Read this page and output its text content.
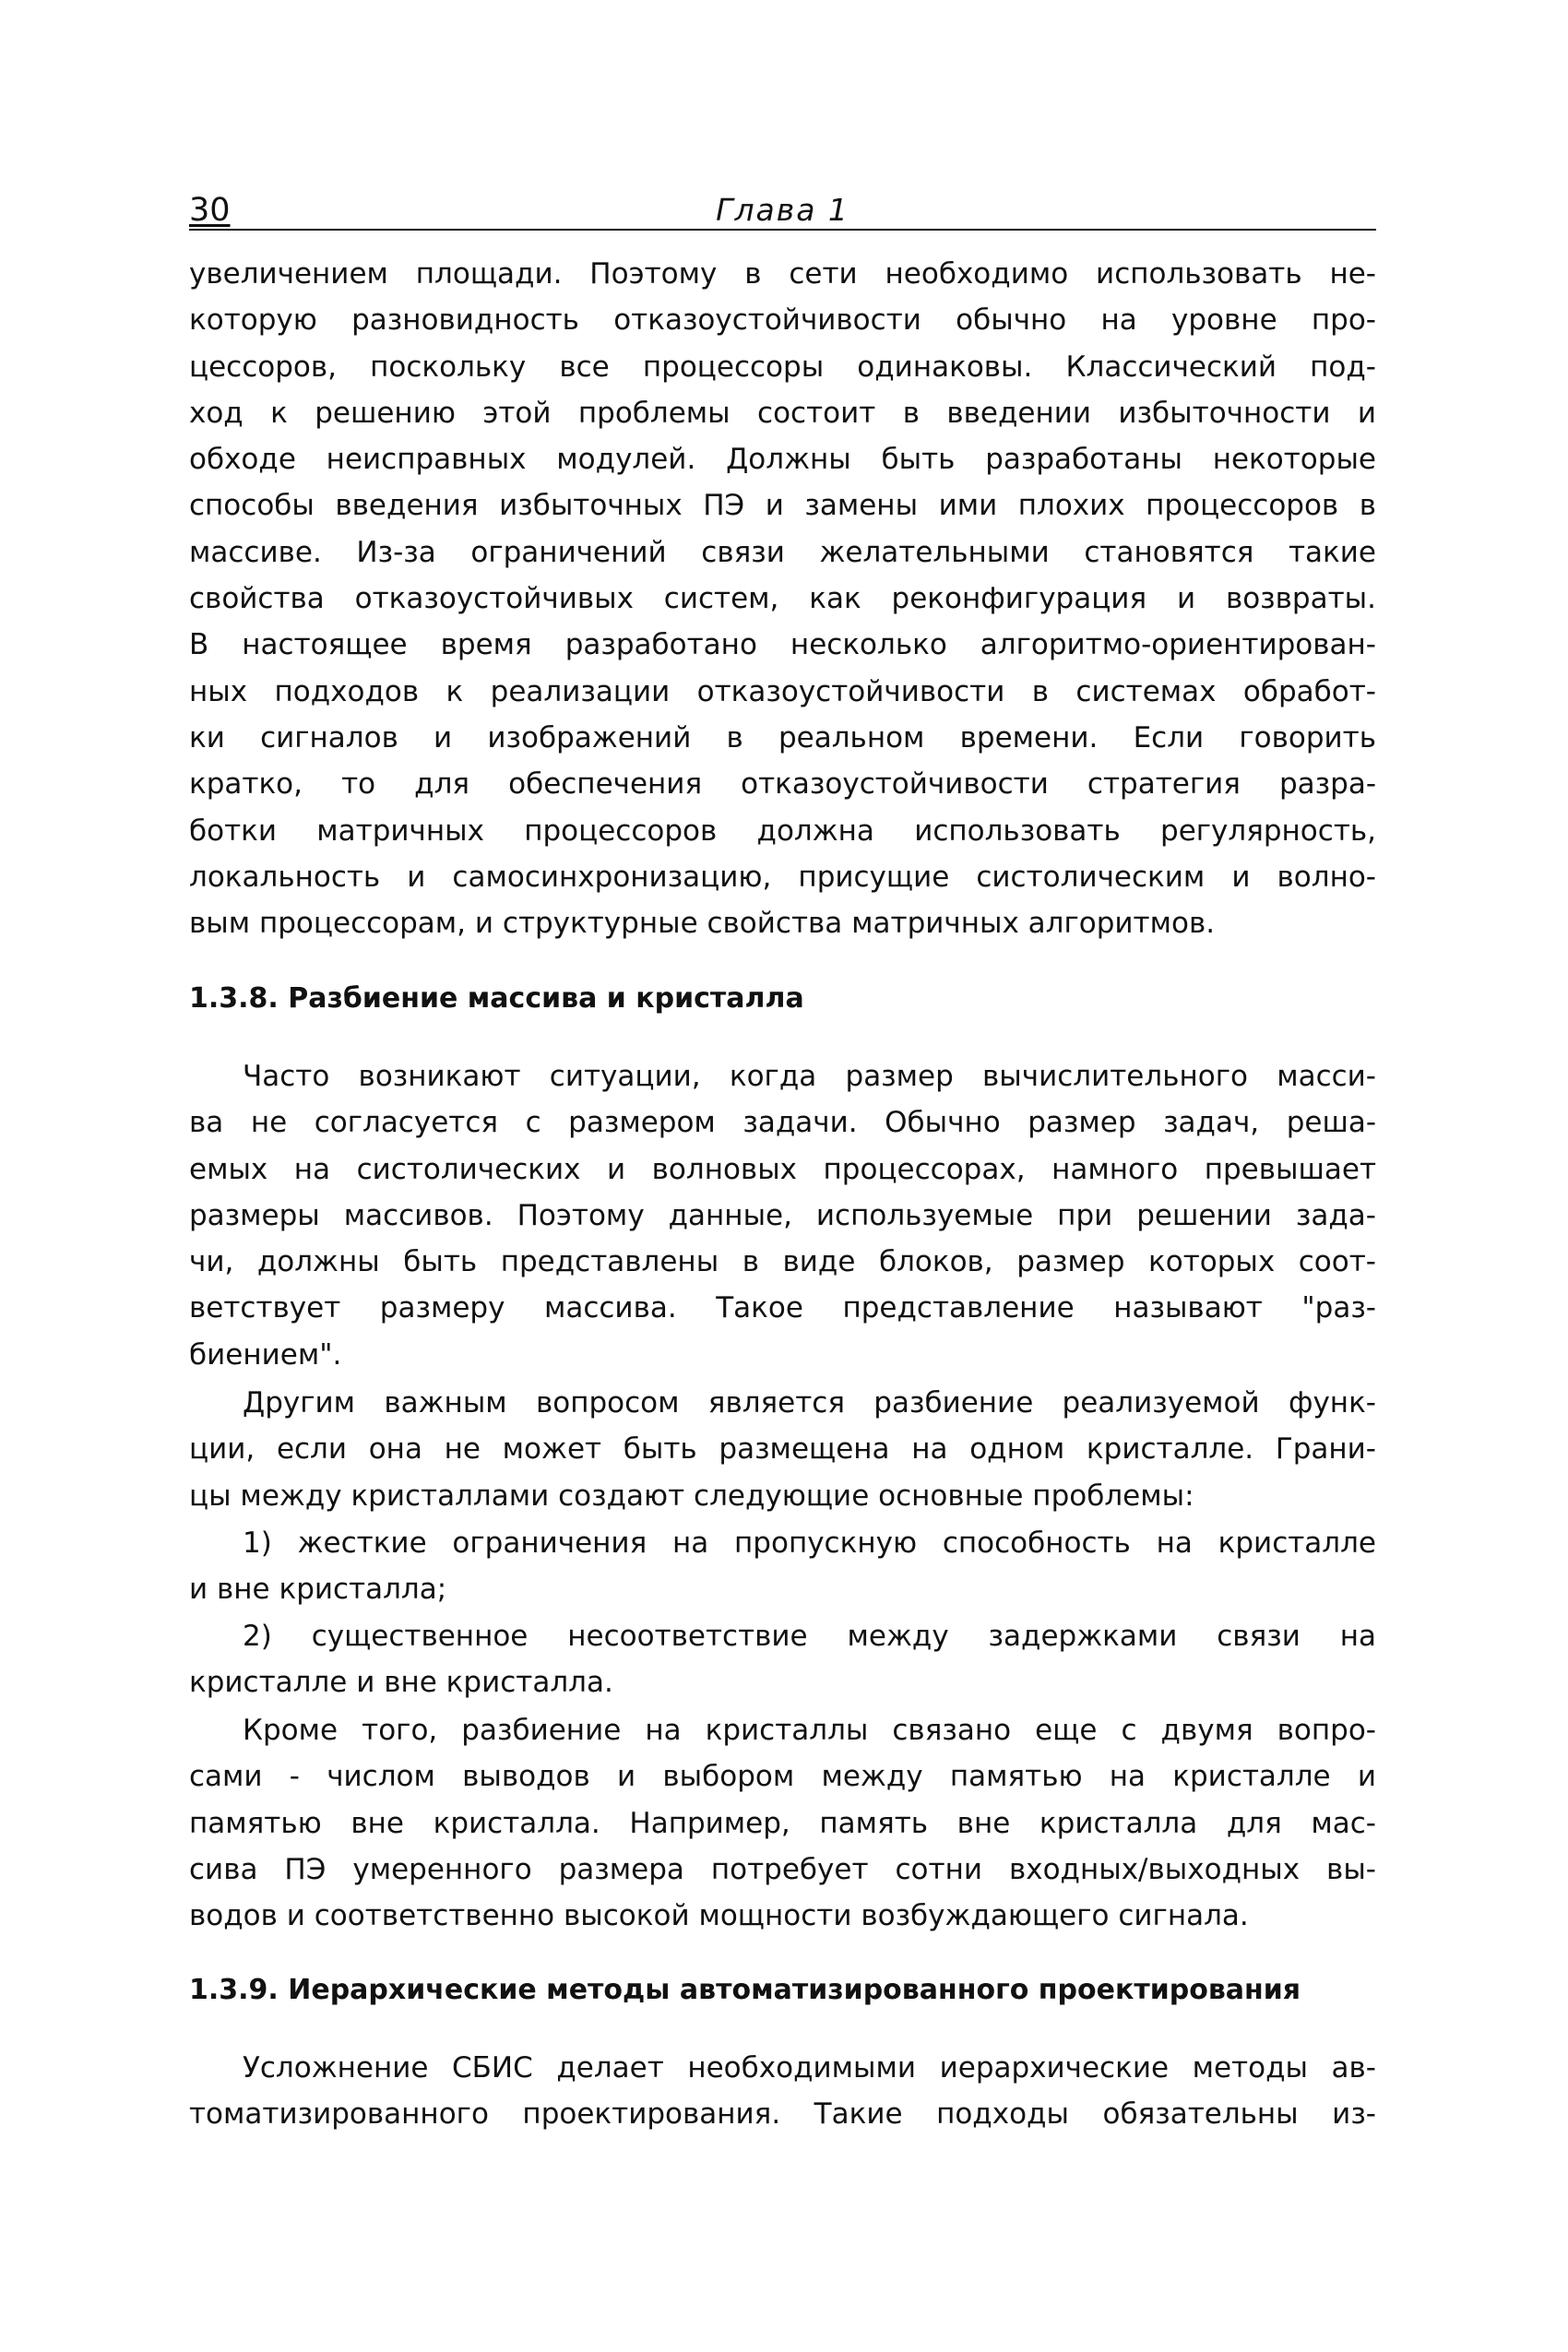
30	Глава 1
увеличением площади. Поэтому в сети необходимо использовать не-
которую разновидность отказоустойчивости обычно на уровне про-
цессоров, поскольку все процессоры одинаковы. Классический под-
ход к решению этой проблемы состоит в введении избыточности и
обходе неисправных модулей. Должны быть разработаны некоторые
способы введения избыточных ПЭ и замены ими плохих процессоров в
массиве. Из-за ограничений связи желательными становятся такие
свойства отказоустойчивых систем, как реконфигурация и возвраты.
В настоящее время разработано несколько алгоритмо-ориентирован-
ных подходов к реализации отказоустойчивости в системах обработ-
ки сигналов и изображений в реальном времени. Если говорить
кратко, то для обеспечения отказоустойчивости стратегия разра-
ботки матричных процессоров должна использовать регулярность,
локальность и самосинхронизацию, присущие систолическим и волно-
вым процессорам, и структурные свойства матричных алгоритмов.
1.3.8. Разбиение массива и кристалла
Часто возникают ситуации, когда размер вычислительного масси-
ва не согласуется с размером задачи. Обычно размер задач, реша-
емых на систолических и волновых процессорах, намного превышает
размеры массивов. Поэтому данные, используемые при решении зада-
чи, должны быть представлены в виде блоков, размер которых соот-
ветствует размеру массива. Такое представление называют "раз-
биением".
Другим важным вопросом является разбиение реализуемой функ-
ции, если она не может быть размещена на одном кристалле. Грани-
цы между кристаллами создают следующие основные проблемы:
1) жесткие ограничения на пропускную способность на кристалле
и вне кристалла;
2) существенное несоответствие между задержками связи на
кристалле и вне кристалла.
Кроме того, разбиение на кристаллы связано еще с двумя вопро-
сами - числом выводов и выбором между памятью на кристалле и
памятью вне кристалла. Например, память вне кристалла для мас-
сива ПЭ умеренного размера потребует сотни входных/выходных вы-
водов и соответственно высокой мощности возбуждающего сигнала.
1.3.9. Иерархические методы автоматизированного проектирования
Усложнение СБИС делает необходимыми иерархические методы ав-
томатизированного проектирования. Такие подходы обязательны из-
